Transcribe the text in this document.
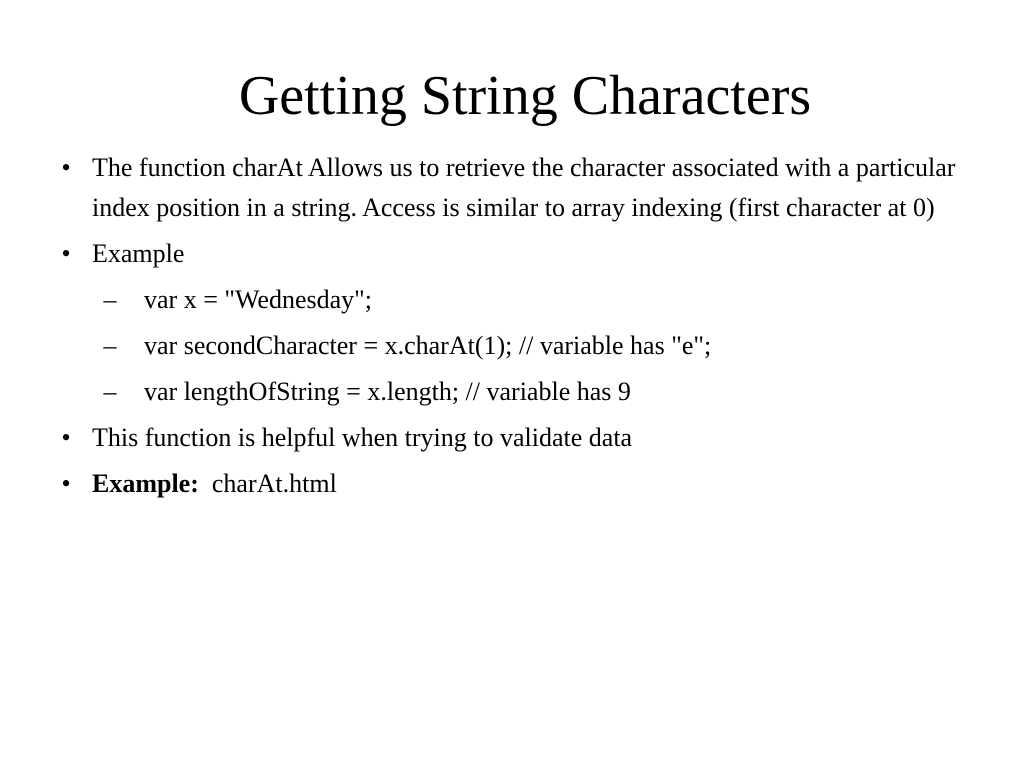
Getting String Characters
• The function charAt Allows us to retrieve the character associated with a particular index position in a string. Access is similar to array indexing (first character at 0)
• Example
– var x = "Wednesday";
– var secondCharacter = x.charAt(1); // variable has "e";
– var lengthOfString = x.length; // variable has 9
• This function is helpful when trying to validate data
• Example: charAt.html
